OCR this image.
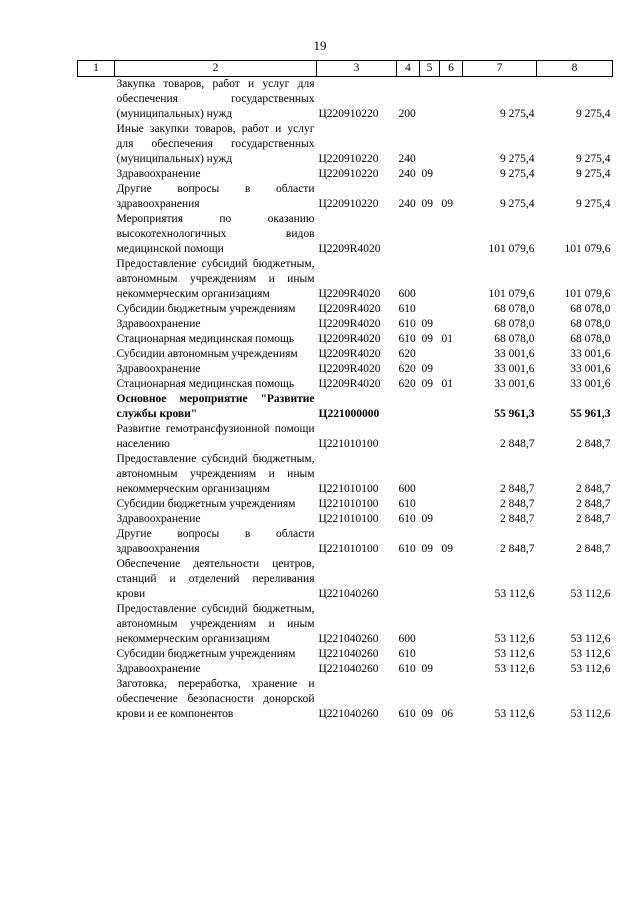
19
1	2	3	4	5	6	7	8
	Закупка товаров, работ и услуг для обеспечения государственных (муниципальных) нужд	Ц220910220	200			9 275,4	9 275,4
	Иные закупки товаров, работ и услуг для обеспечения государственных (муниципальных) нужд	Ц220910220	240			9 275,4	9 275,4
	Здравоохранение	Ц220910220	240	09		9 275,4	9 275,4
	Другие вопросы в области здравоохранения	Ц220910220	240	09	09	9 275,4	9 275,4
	Мероприятия по оказанию высокотехнологичных видов медицинской помощи	Ц2209R4020				101 079,6	101 079,6
	Предоставление субсидий бюджетным, автономным учреждениям и иным некоммерческим организациям	Ц2209R4020	600			101 079,6	101 079,6
	Субсидии бюджетным учреждениям	Ц2209R4020	610			68 078,0	68 078,0
	Здравоохранение	Ц2209R4020	610	09		68 078,0	68 078,0
	Стационарная медицинская помощь	Ц2209R4020	610	09	01	68 078,0	68 078,0
	Субсидии автономным учреждениям	Ц2209R4020	620			33 001,6	33 001,6
	Здравоохранение	Ц2209R4020	620	09		33 001,6	33 001,6
	Стационарная медицинская помощь	Ц2209R4020	620	09	01	33 001,6	33 001,6
	Основное мероприятие "Развитие службы крови"	Ц221000000				55 961,3	55 961,3
	Развитие гемотрансфузионной помощи населению	Ц221010100				2 848,7	2 848,7
	Предоставление субсидий бюджетным, автономным учреждениям и иным некоммерческим организациям	Ц221010100	600			2 848,7	2 848,7
	Субсидии бюджетным учреждениям	Ц221010100	610			2 848,7	2 848,7
	Здравоохранение	Ц221010100	610	09		2 848,7	2 848,7
	Другие вопросы в области здравоохранения	Ц221010100	610	09	09	2 848,7	2 848,7
	Обеспечение деятельности центров, станций и отделений переливания крови	Ц221040260				53 112,6	53 112,6
	Предоставление субсидий бюджетным, автономным учреждениям и иным некоммерческим организациям	Ц221040260	600			53 112,6	53 112,6
	Субсидии бюджетным учреждениям	Ц221040260	610			53 112,6	53 112,6
	Здравоохранение	Ц221040260	610	09		53 112,6	53 112,6
	Заготовка, переработка, хранение и обеспечение безопасности донорской крови и ее компонентов	Ц221040260	610	09	06	53 112,6	53 112,6
